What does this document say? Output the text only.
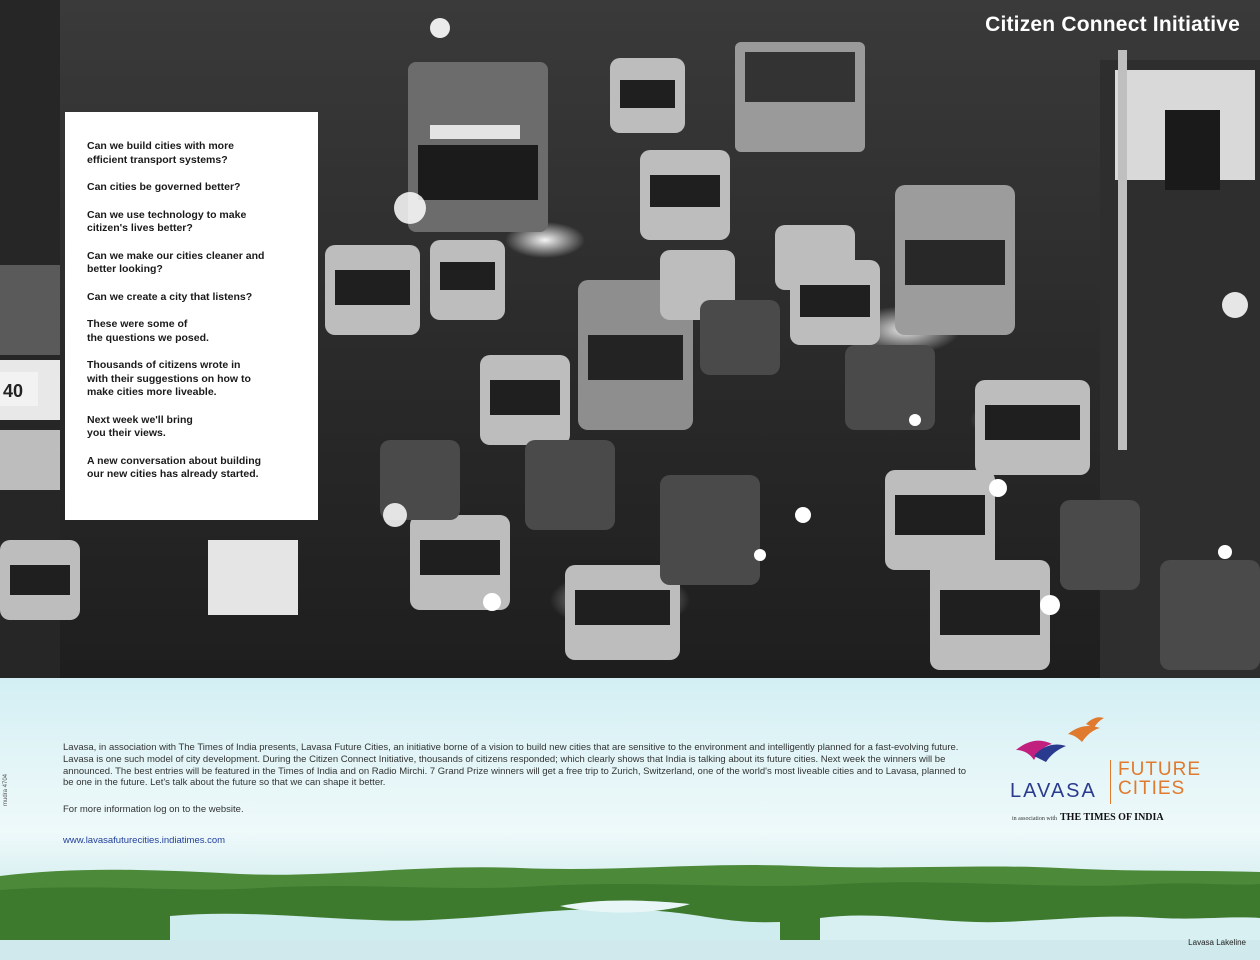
40
Citizen Connect Initiative
Can we build cities with more
efficient transport systems?
Can cities be governed better?
Can we use technology to make
citizen's lives better?
Can we make our cities cleaner and
better looking?
Can we create a city that listens?
These were some of
the questions we posed.
Thousands of citizens wrote in
with their suggestions on how to
make cities more liveable.
Next week we'll bring
you their views.
A new conversation about building
our new cities has already started.
mudra 4704
Lavasa, in association with The Times of India presents, Lavasa Future Cities, an initiative borne of a vision to build new cities that are sensitive to the environment and intelligently planned for a fast-evolving future. Lavasa is one such model of city development. During the Citizen Connect Initiative, thousands of citizens responded; which clearly shows that India is talking about its future cities. Next week the winners will be announced. The best entries will be featured in the Times of India and on Radio Mirchi. 7 Grand Prize winners will get a free trip to Zurich, Switzerland, one of the world's most liveable cities and to Lavasa, planned to be one in the future. Let's talk about the future so that we can shape it better.
For more information log on to the website.
www.lavasafuturecities.indiatimes.com
Lavasa Lakeline
LAVASA
FUTURE
CITIES
in association with THE TIMES OF INDIA
